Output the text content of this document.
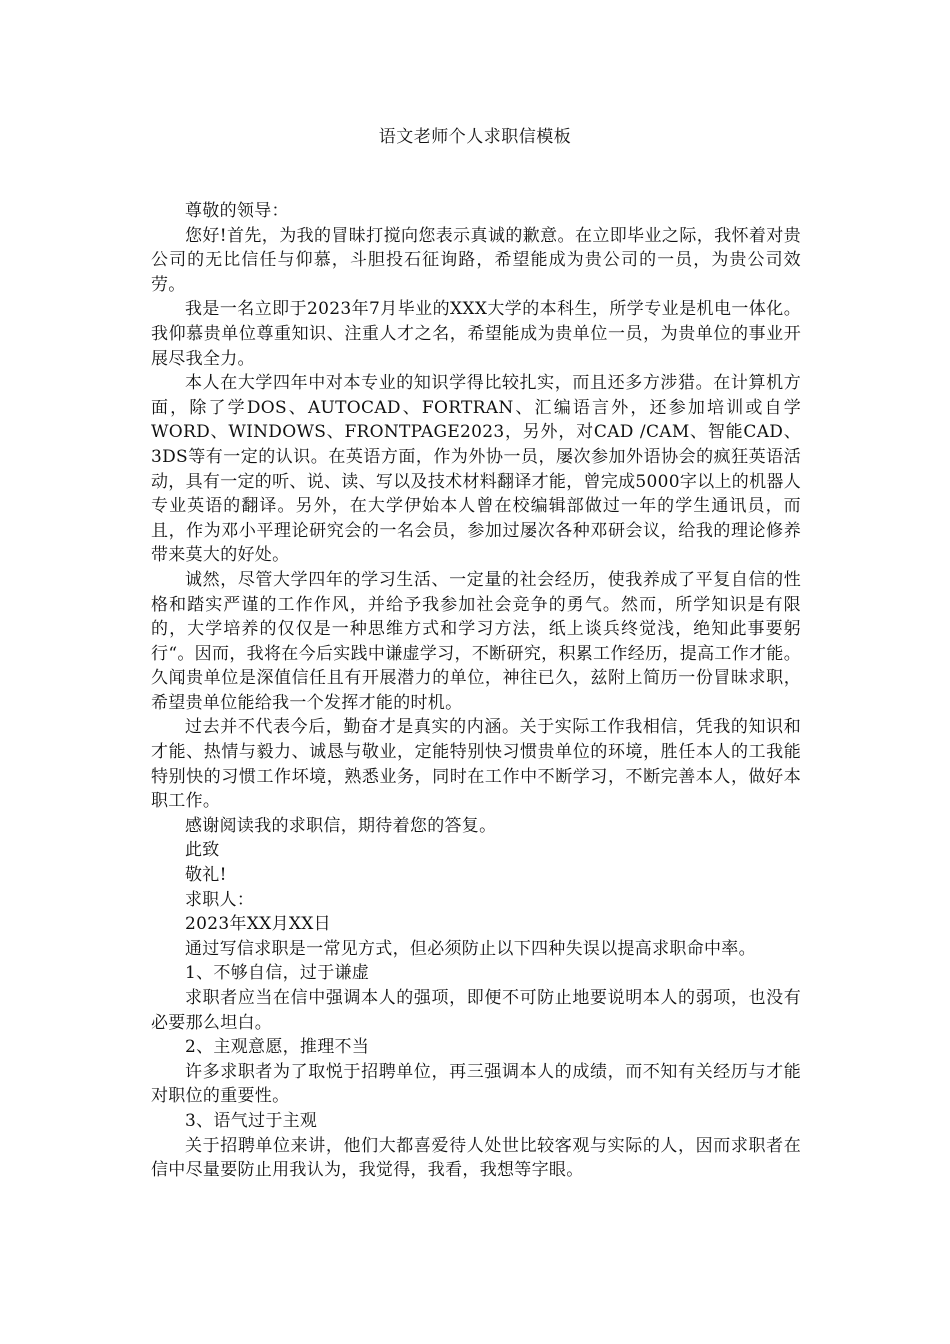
语文老师个人求职信模板

尊敬的领导：

您好!首先，为我的冒昧打搅向您表示真诚的歉意。在立即毕业之际，我怀着对贵公司的无比信任与仰慕，斗胆投石征询路，希望能成为贵公司的一员，为贵公司效劳。

我是一名立即于2023年7月毕业的XXX大学的本科生，所学专业是机电一体化。我仰慕贵单位尊重知识、注重人才之名，希望能成为贵单位一员，为贵单位的事业开展尽我全力。

本人在大学四年中对本专业的知识学得比较扎实，而且还多方涉猎。在计算机方面，除了学DOS、AUTOCAD、FORTRAN、汇编语言外，还参加培训或自学WORD、WINDOWS、FRONTPAGE2023，另外，对CAD /CAM、智能CAD、3DS等有一定的认识。在英语方面，作为外协一员，屡次参加外语协会的疯狂英语活动，具有一定的听、说、读、写以及技术材料翻译才能，曾完成5000字以上的机器人专业英语的翻译。另外，在大学伊始本人曾在校编辑部做过一年的学生通讯员，而且，作为邓小平理论研究会的一名会员，参加过屡次各种邓研会议，给我的理论修养带来莫大的好处。

诚然，尽管大学四年的学习生活、一定量的社会经历，使我养成了平复自信的性格和踏实严谨的工作作风，并给予我参加社会竞争的勇气。然而，所学知识是有限的，大学培养的仅仅是一种思维方式和学习方法，纸上谈兵终觉浅，绝知此事要躬行“。因而，我将在今后实践中谦虚学习，不断研究，积累工作经历，提高工作才能。久闻贵单位是深值信任且有开展潜力的单位，神往已久，兹附上简历一份冒昧求职，希望贵单位能给我一个发挥才能的时机。

过去并不代表今后，勤奋才是真实的内涵。关于实际工作我相信，凭我的知识和才能、热情与毅力、诚恳与敬业，定能特别快习惯贵单位的环境，胜任本人的工我能特别快的习惯工作坏境，熟悉业务，同时在工作中不断学习，不断完善本人，做好本职工作。

感谢阅读我的求职信，期待着您的答复。

此致

敬礼!

求职人：

2023年XX月XX日

通过写信求职是一常见方式，但必须防止以下四种失误以提高求职命中率。

1、不够自信，过于谦虚

求职者应当在信中强调本人的强项，即便不可防止地要说明本人的弱项，也没有必要那么坦白。

2、主观意愿，推理不当

许多求职者为了取悦于招聘单位，再三强调本人的成绩，而不知有关经历与才能对职位的重要性。

3、语气过于主观

关于招聘单位来讲，他们大都喜爱待人处世比较客观与实际的人，因而求职者在信中尽量要防止用我认为，我觉得，我看，我想等字眼。
